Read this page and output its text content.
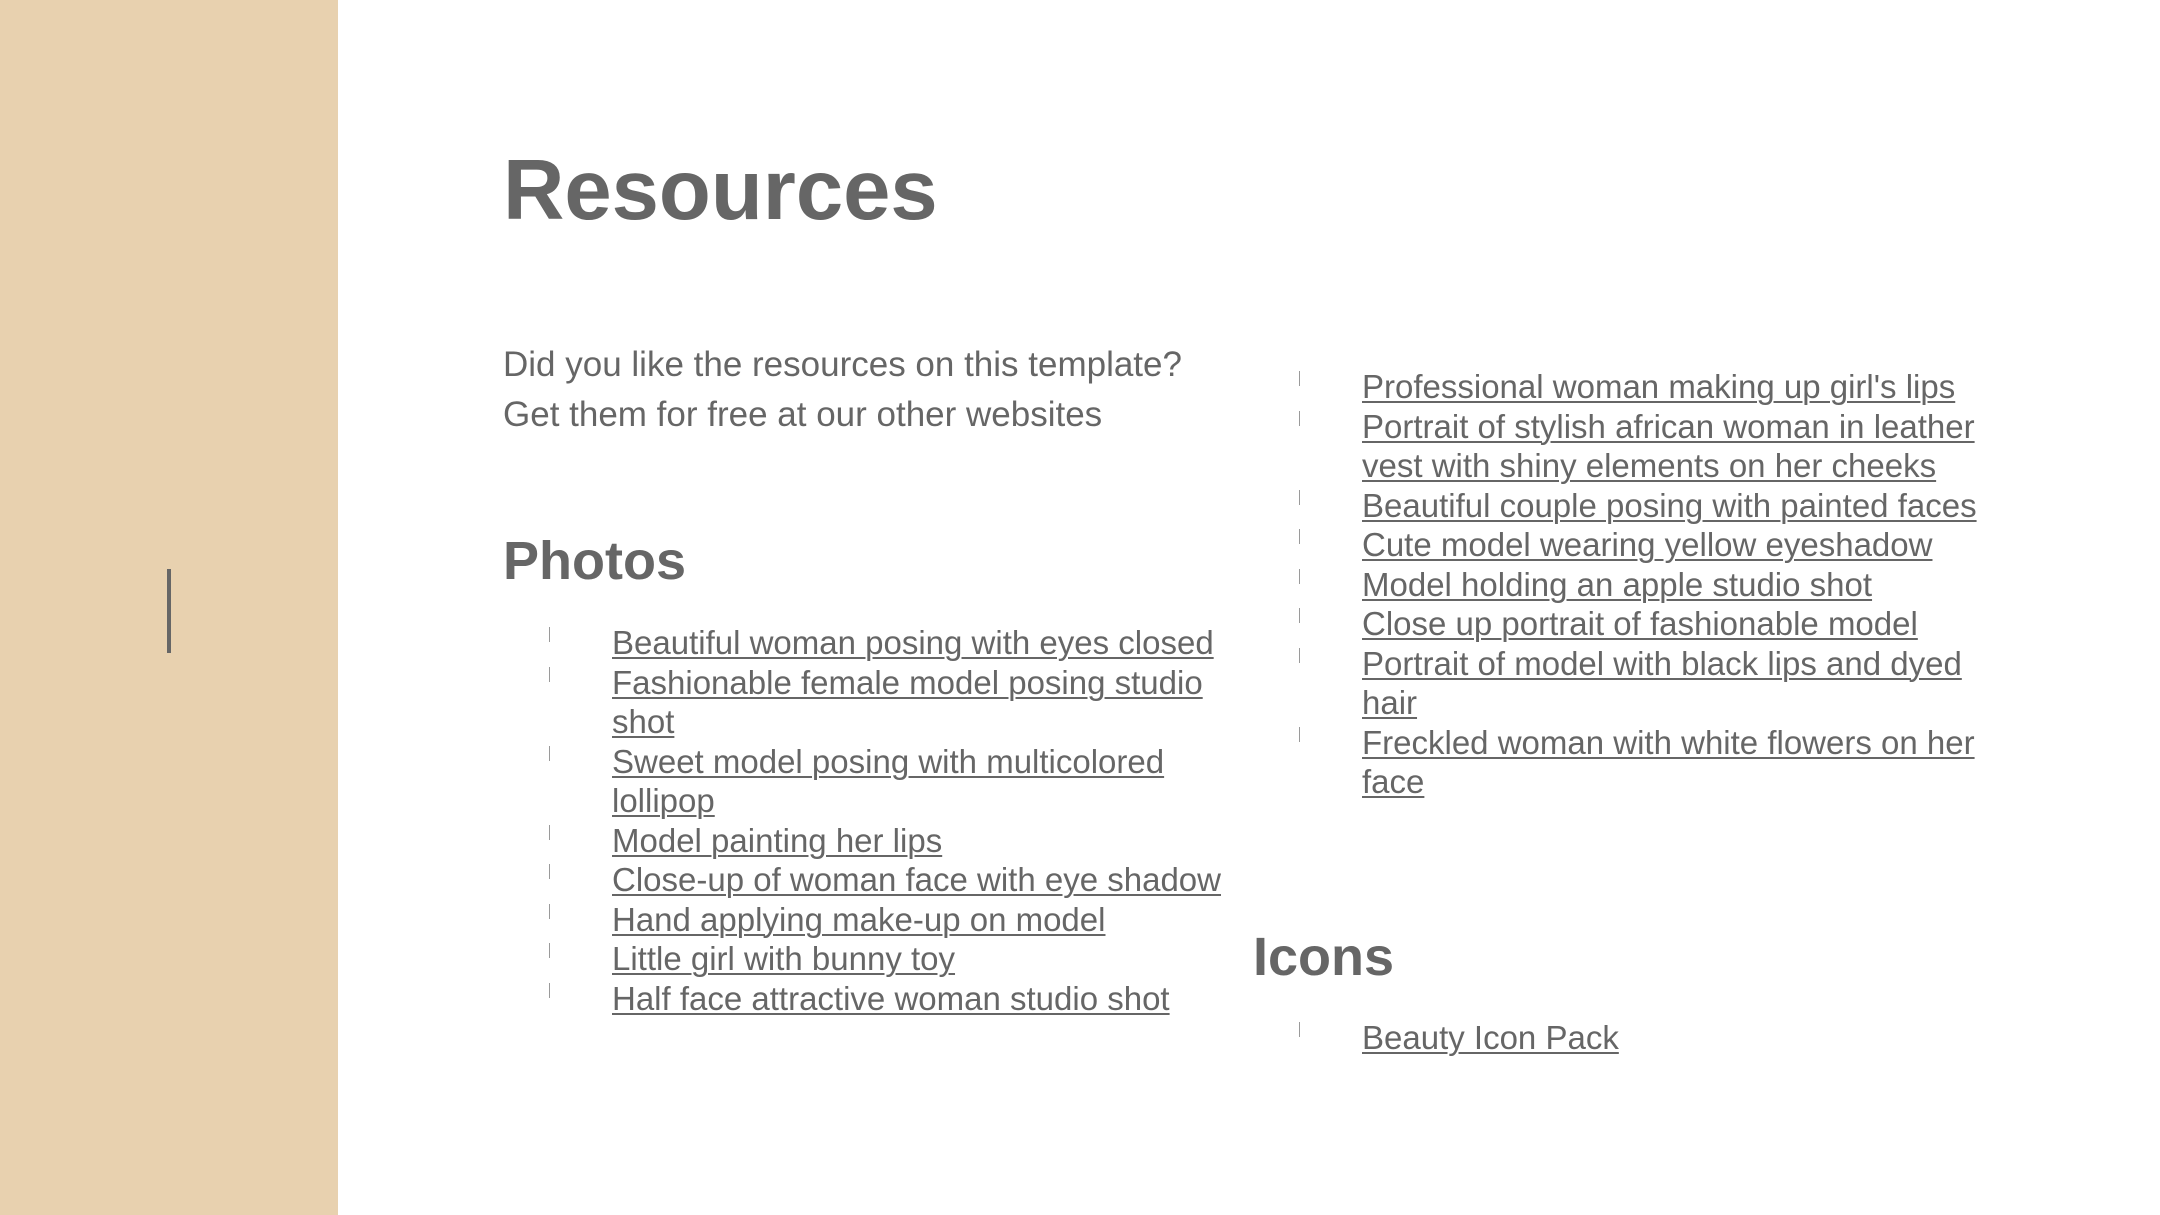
Resources
Did you like the resources on this template?
Get them for free at our other websites
Photos
Beautiful woman posing with eyes closed
Fashionable female model posing studio shot
Sweet model posing with multicolored lollipop
Model painting her lips
Close-up of woman face with eye shadow
Hand applying make-up on model
Little girl with bunny toy
Half face attractive woman studio shot
Professional woman making up girl's lips
Portrait of stylish african woman in leather vest with shiny elements on her cheeks
Beautiful couple posing with painted faces
Cute model wearing yellow eyeshadow
Model holding an apple studio shot
Close up portrait of fashionable model
Portrait of model with black lips and dyed hair
Freckled woman with white flowers on her face
Icons
Beauty Icon Pack
